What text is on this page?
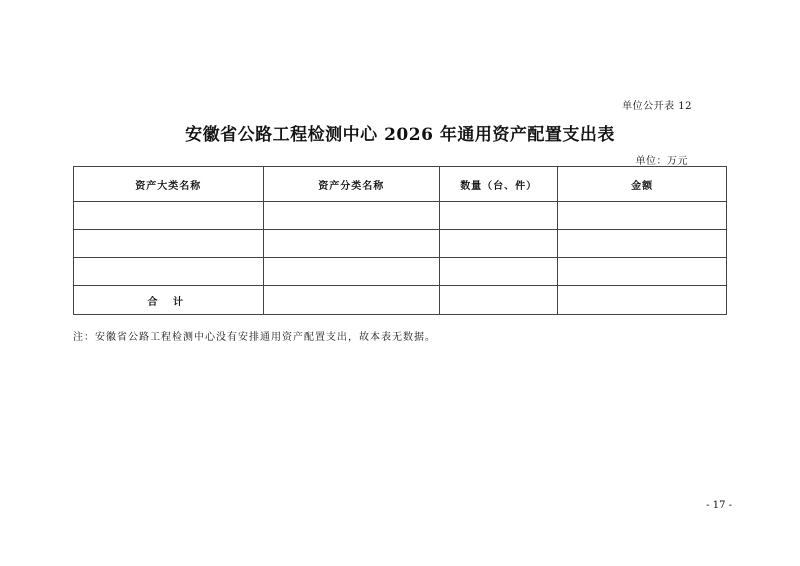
单位公开表 12
安徽省公路工程检测中心 2026 年通用资产配置支出表
单位：万元
资产大类名称	资产分类名称	数量（台、件）	金额

合 计			
注：安徽省公路工程检测中心没有安排通用资产配置支出，故本表无数据。
- 17 -
